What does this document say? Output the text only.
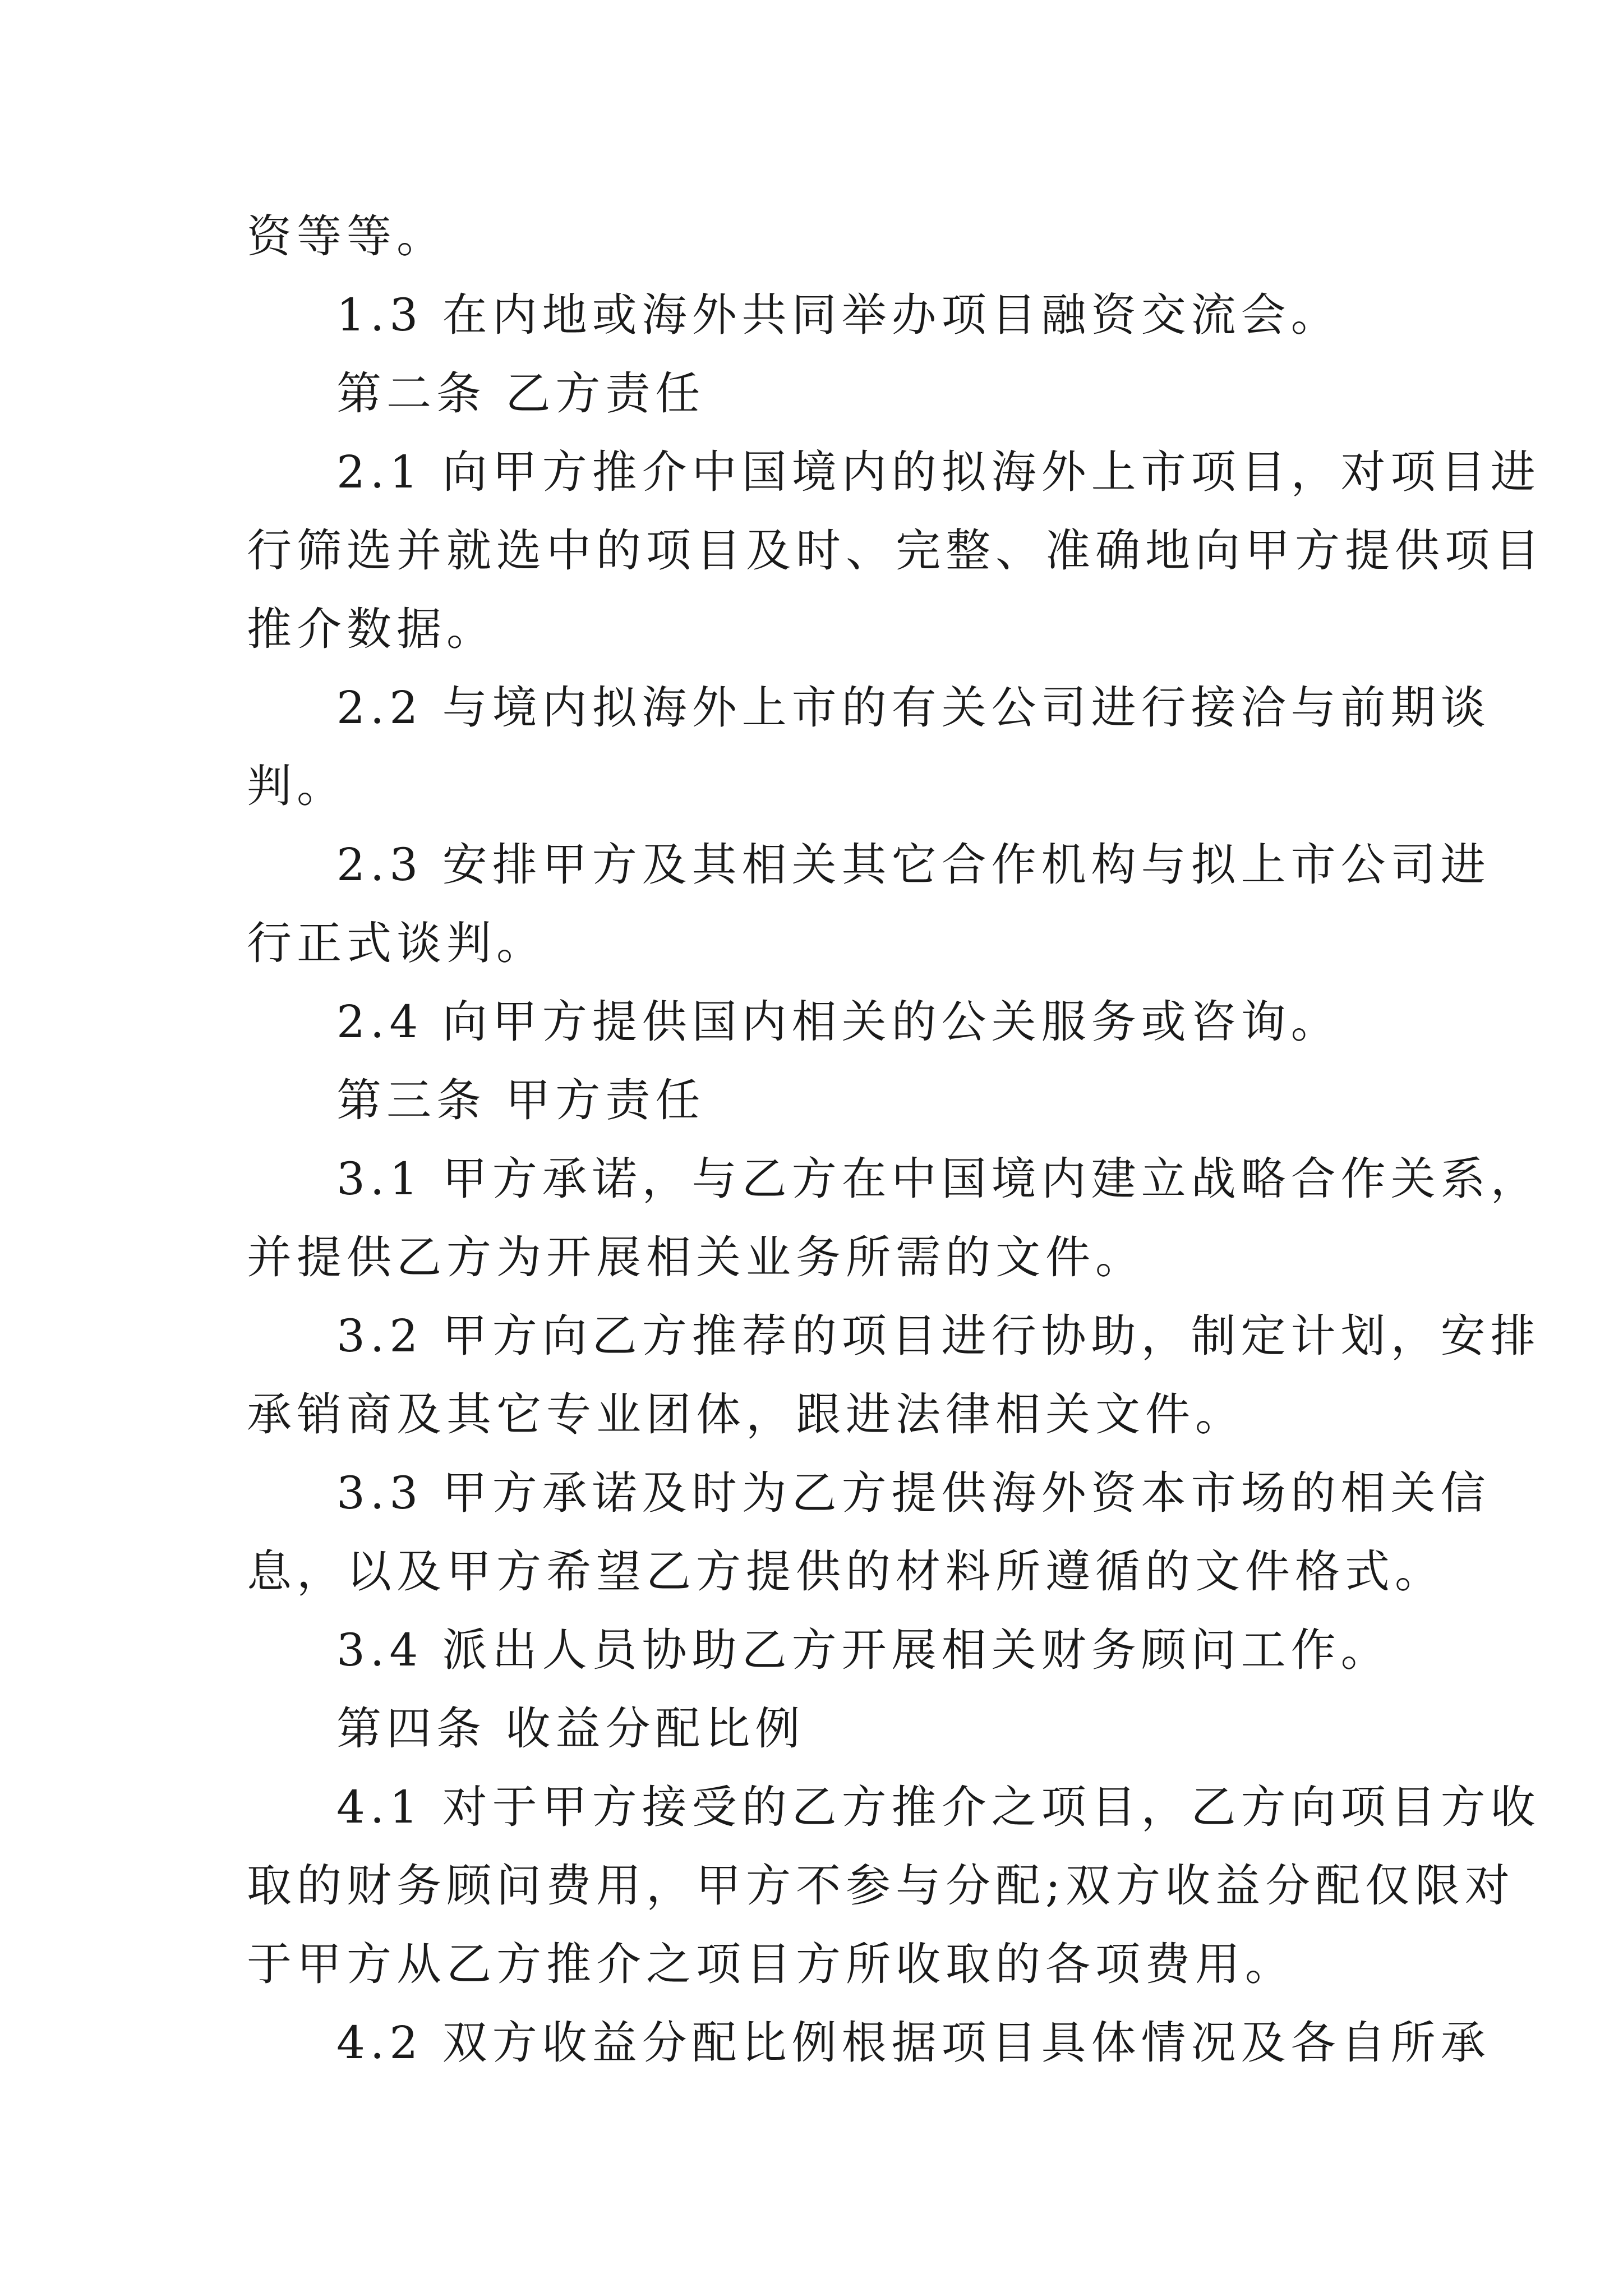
资等等。
1.3 在内地或海外共同举办项目融资交流会。
第二条 乙方责任
2.1 向甲方推介中国境内的拟海外上市项目，对项目进
行筛选并就选中的项目及时、完整、准确地向甲方提供项目
推介数据。
2.2 与境内拟海外上市的有关公司进行接洽与前期谈
判。
2.3 安排甲方及其相关其它合作机构与拟上市公司进
行正式谈判。
2.4 向甲方提供国内相关的公关服务或咨询。
第三条 甲方责任
3.1 甲方承诺，与乙方在中国境内建立战略合作关系，
并提供乙方为开展相关业务所需的文件。
3.2 甲方向乙方推荐的项目进行协助，制定计划，安排
承销商及其它专业团体，跟进法律相关文件。
3.3 甲方承诺及时为乙方提供海外资本市场的相关信
息，以及甲方希望乙方提供的材料所遵循的文件格式。
3.4 派出人员协助乙方开展相关财务顾问工作。
第四条 收益分配比例
4.1 对于甲方接受的乙方推介之项目，乙方向项目方收
取的财务顾问费用，甲方不参与分配;双方收益分配仅限对
于甲方从乙方推介之项目方所收取的各项费用。
4.2 双方收益分配比例根据项目具体情况及各自所承
